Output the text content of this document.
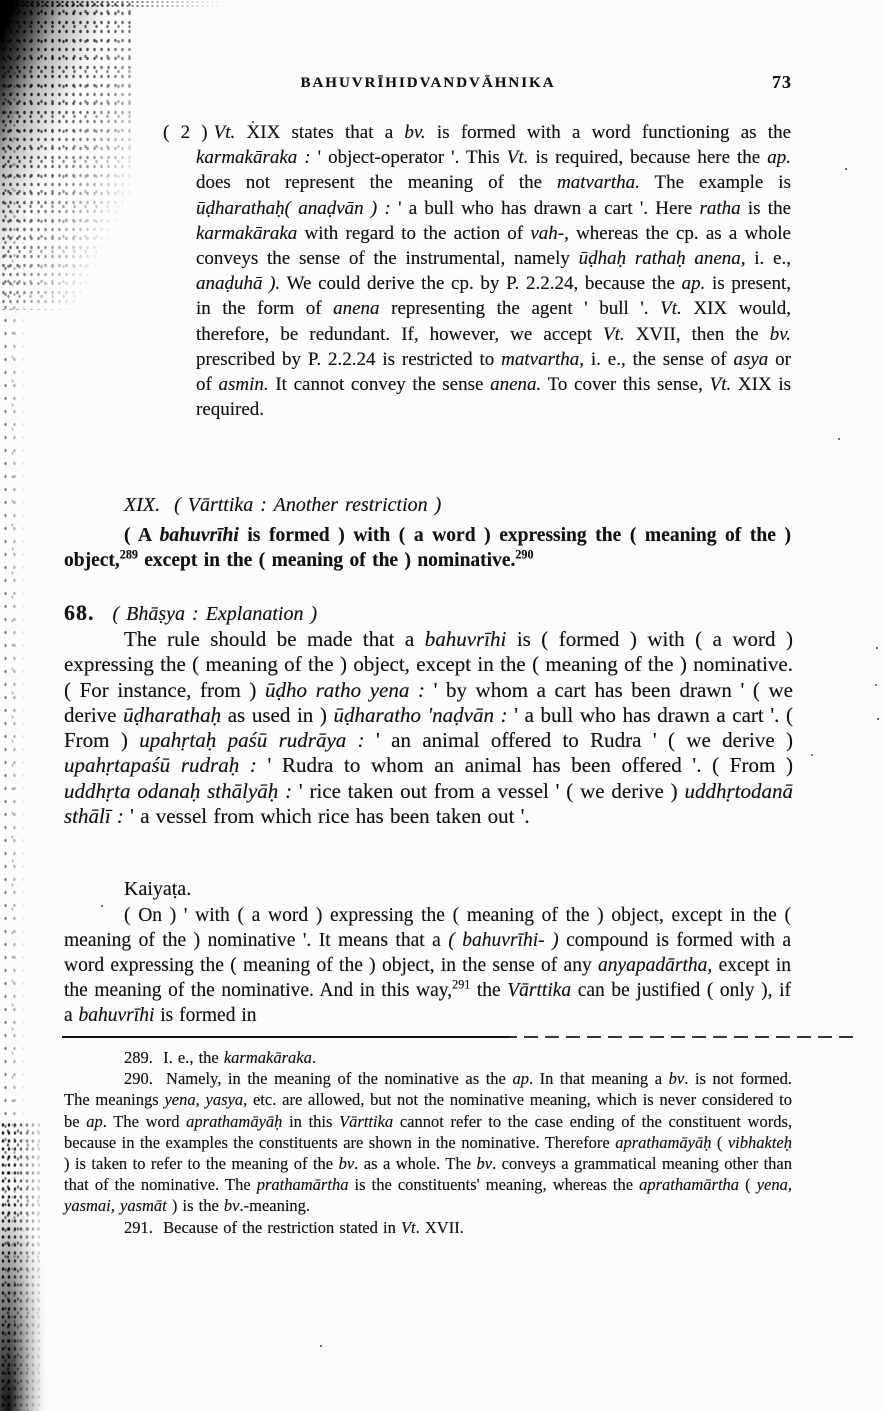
BAHUVRĪHIDVANDVĀHNIKA	73

( 2 ) Vt. XIX states that a bv. is formed with a word functioning as the karmakāraka : ' object-operator '. This Vt. is required, because here the ap. does not represent the meaning of the matvartha. The example is ūḍharathaḥ( anaḍvān ) : ' a bull who has drawn a cart '. Here ratha is the karmakāraka with regard to the action of vah-, whereas the cp. as a whole conveys the sense of the instrumental, namely ūḍhaḥ rathaḥ anena, i. e., anaḍuhā ). We could derive the cp. by P. 2.2.24, because the ap. is present, in the form of anena representing the agent ' bull '. Vt. XIX would, therefore, be redundant. If, however, we accept Vt. XVII, then the bv. prescribed by P. 2.2.24 is restricted to matvartha, i. e., the sense of asya or of asmin. It cannot convey the sense anena. To cover this sense, Vt. XIX is required.

XIX.  ( Vārttika : Another restriction )

( A bahuvrīhi is formed ) with ( a word ) expressing the ( meaning of the ) object,$^{289}$ except in the ( meaning of the ) nominative.$^{290}$

68. ( Bhāṣya : Explanation )

The rule should be made that a bahuvrīhi is ( formed ) with ( a word ) expressing the ( meaning of the ) object, except in the ( meaning of the ) nominative. ( For instance, from ) ūḍho ratho yena : ' by whom a cart has been drawn ' ( we derive ūḍharathaḥ as used in ) ūḍharatho 'naḍvān : ' a bull who has drawn a cart '. ( From ) upahṛtaḥ paśū rudrāya : ' an animal offered to Rudra ' ( we derive ) upahṛtapaśū rudraḥ : ' Rudra to whom an animal has been offered '. ( From ) uddhṛta odanaḥ sthālyāḥ : ' rice taken out from a vessel ' ( we derive ) uddhṛtodanā sthālī : ' a vessel from which rice has been taken out '.

Kaiyaṭa.

( On ) ' with ( a word ) expressing the ( meaning of the ) object, except in the ( meaning of the ) nominative '. It means that a ( bahuvrīhi- ) compound is formed with a word expressing the ( meaning of the ) object, in the sense of any anyapadārtha, except in the meaning of the nominative. And in this way,$^{291}$ the Vārttika can be justified ( only ), if a bahuvrīhi is formed in

289.  I. e., the karmakāraka.

290.  Namely, in the meaning of the nominative as the ap. In that meaning a bv. is not formed. The meanings yena, yasya, etc. are allowed, but not the nominative meaning, which is never considered to be ap. The word aprathamāyāḥ in this Vārttika cannot refer to the case ending of the constituent words, because in the examples the constituents are shown in the nominative. Therefore aprathamāyāḥ ( vibhakteḥ ) is taken to refer to the meaning of the bv. as a whole. The bv. conveys a grammatical meaning other than that of the nominative. The prathamārtha is the constituents' meaning, whereas the aprathamārtha ( yena, yasmai, yasmāt ) is the bv.-meaning.

291.  Because of the restriction stated in Vt. XVII.
